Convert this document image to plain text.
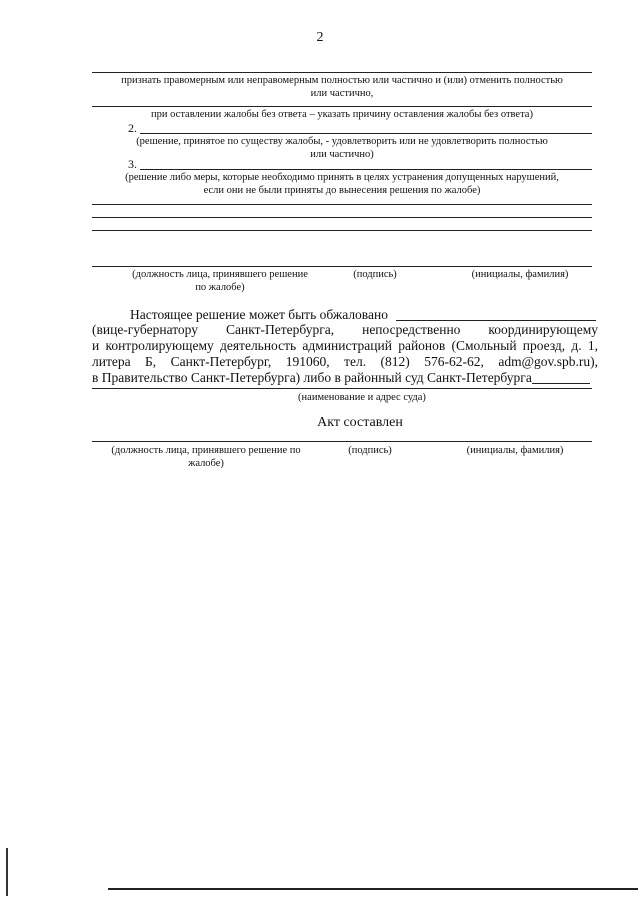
2
признать правомерным или неправомерным полностью или частично и (или) отменить полностью
или частично,
при оставлении жалобы без ответа – указать причину оставления жалобы без ответа)
2.
(решение, принятое по существу жалобы, - удовлетворить или не удовлетворить полностью
или частично)
3.
(решение либо меры, которые необходимо принять в целях устранения допущенных нарушений,
если они не были приняты до вынесения решения по жалобе)
(должность лица, принявшего решение
по жалобе)
(подпись)	(инициалы, фамилия)
Настоящее решение может быть обжаловано
(вице-губернатору Санкт-Петербурга, непосредственно координирующему
и контролирующему деятельность администраций районов (Смольный проезд, д. 1,
литера Б, Санкт-Петербург, 191060, тел. (812) 576-62-62, adm@gov.spb.ru),
в Правительство Санкт-Петербурга) либо в районный суд Санкт-Петербурга
(наименование и адрес суда)
Акт составлен
(должность лица, принявшего решение по
жалобе)
(подпись)	(инициалы, фамилия)
